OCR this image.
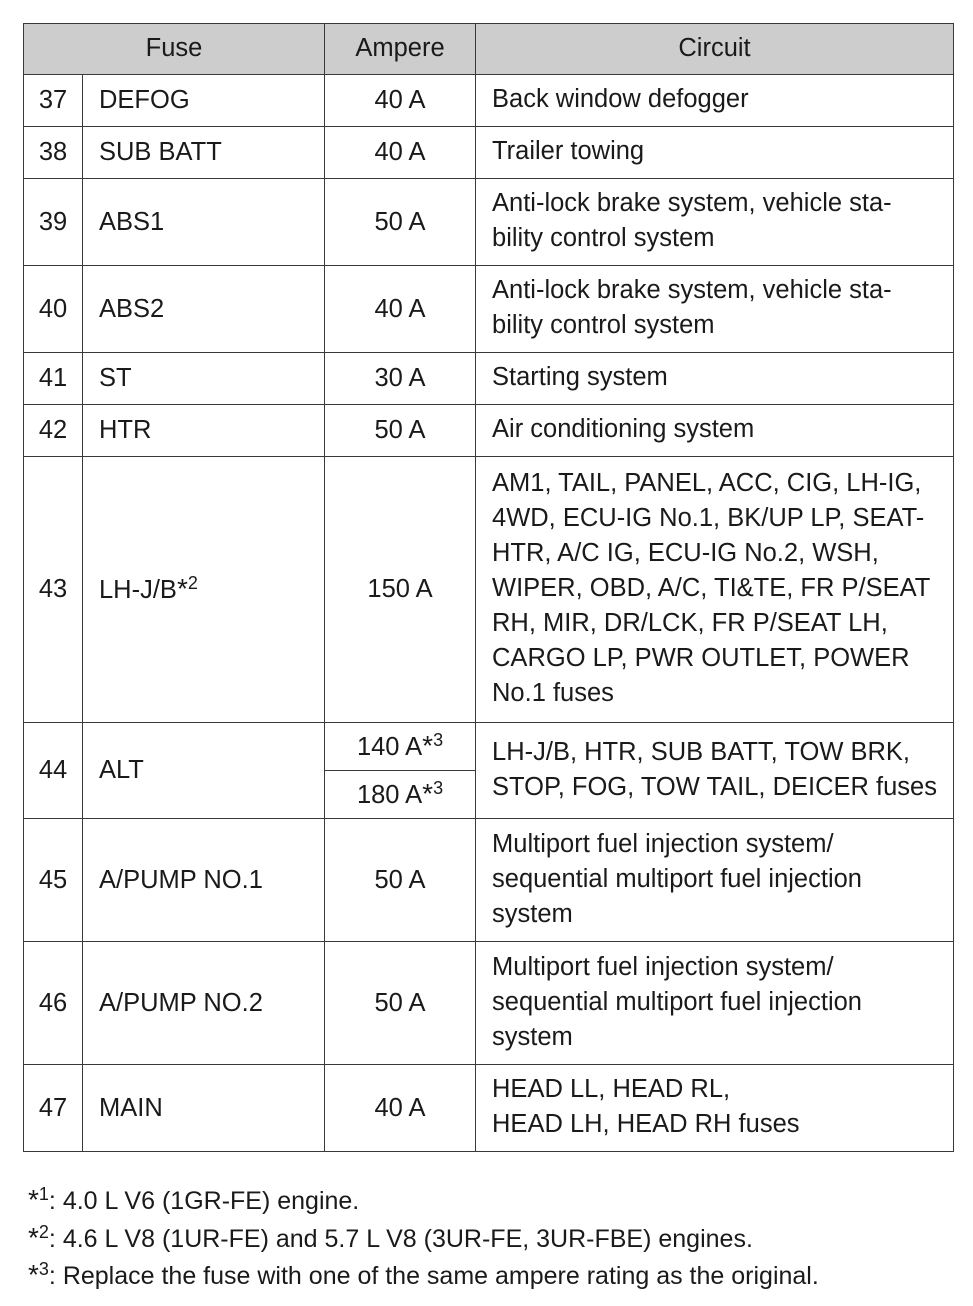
Fuse		Ampere	Circuit
37	DEFOG	40 A	Back window defogger
38	SUB BATT	40 A	Trailer towing
39	ABS1	50 A	Anti-lock brake system, vehicle sta-bility control system
40	ABS2	40 A	Anti-lock brake system, vehicle sta-bility control system
41	ST	30 A	Starting system
42	HTR	50 A	Air conditioning system
43	LH-J/B*$^2$	150 A	AM1, TAIL, PANEL, ACC, CIG, LH-IG, 4WD, ECU-IG No.1, BK/UP LP, SEAT-HTR, A/C IG, ECU-IG No.2, WSH, WIPER, OBD, A/C, TI&TE, FR P/SEAT RH, MIR, DR/LCK, FR P/SEAT LH, CARGO LP, PWR OUTLET, POWER No.1 fuses
44	ALT	140 A*$^3$	LH-J/B, HTR, SUB BATT, TOW BRK, STOP, FOG, TOW TAIL, DEICER fuses
		180 A*$^3$
45	A/PUMP NO.1	50 A	Multiport fuel injection system/ sequential multiport fuel injection system
46	A/PUMP NO.2	50 A	Multiport fuel injection system/ sequential multiport fuel injection system
47	MAIN	40 A	HEAD LL, HEAD RL,
HEAD LH, HEAD RH fuses
*$^1$: 4.0 L V6 (1GR-FE) engine.
*$^2$: 4.6 L V8 (1UR-FE) and 5.7 L V8 (3UR-FE, 3UR-FBE) engines.
*$^3$: Replace the fuse with one of the same ampere rating as the original.
